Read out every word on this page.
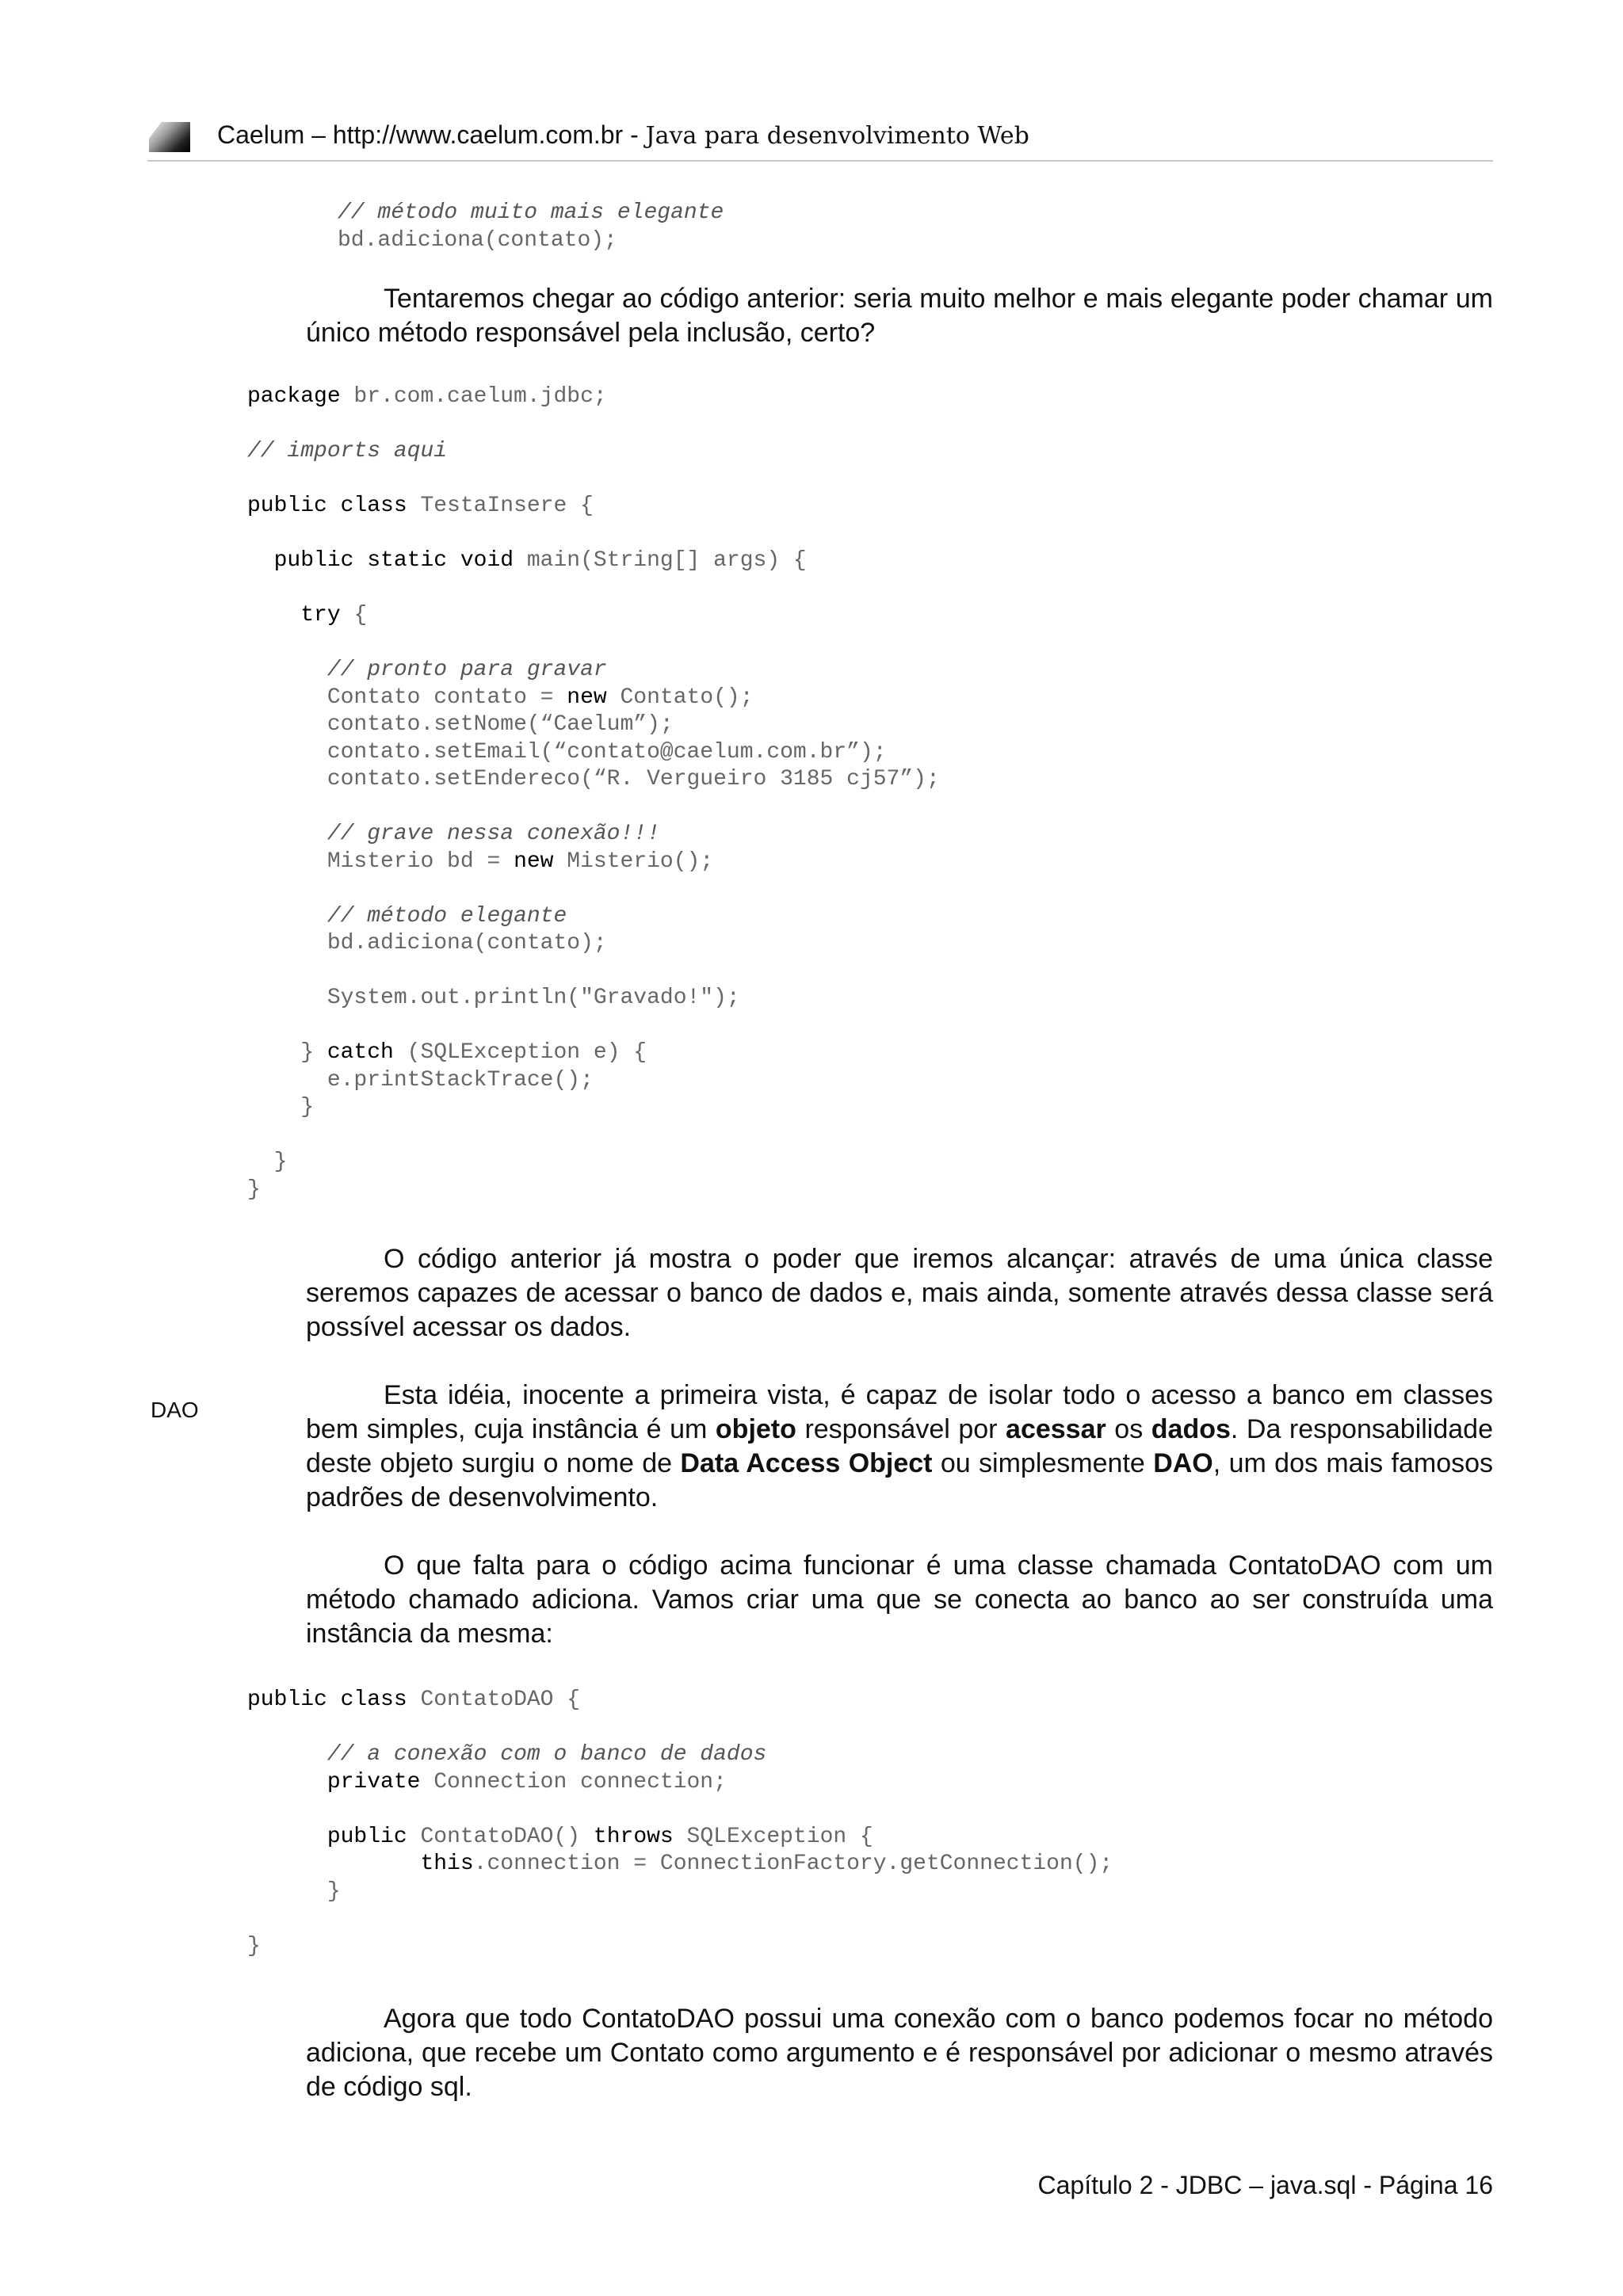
Caelum – http://www.caelum.com.br - Java para desenvolvimento Web
// método muito mais elegante
bd.adiciona(contato);

Tentaremos chegar ao código anterior: seria muito melhor e mais elegante poder chamar um único método responsável pela inclusão, certo?

package br.com.caelum.jdbc;

// imports aqui

public class TestaInsere {

public static void main(String[] args) {

try {

// pronto para gravar
Contato contato = new Contato();
contato.setNome(“Caelum”);
contato.setEmail(“contato@caelum.com.br”);
contato.setEndereco(“R. Vergueiro 3185 cj57”);

// grave nessa conexão!!!
Misterio bd = new Misterio();

// método elegante
bd.adiciona(contato);

System.out.println("Gravado!");

} catch (SQLException e) {
e.printStackTrace();
}

}
}

O código anterior já mostra o poder que iremos alcançar: através de uma única classe seremos capazes de acessar o banco de dados e, mais ainda, somente através dessa classe será possível acessar os dados.

DAO	Esta idéia, inocente a primeira vista, é capaz de isolar todo o acesso a banco em classes bem simples, cuja instância é um objeto responsável por acessar os dados. Da responsabilidade deste objeto surgiu o nome de Data Access Object ou simplesmente DAO, um dos mais famosos padrões de desenvolvimento.

O que falta para o código acima funcionar é uma classe chamada ContatoDAO com um método chamado adiciona. Vamos criar uma que se conecta ao banco ao ser construída uma instância da mesma:

public class ContatoDAO {

// a conexão com o banco de dados
private Connection connection;

public ContatoDAO() throws SQLException {
this.connection = ConnectionFactory.getConnection();
}

}

Agora que todo ContatoDAO possui uma conexão com o banco podemos focar no método adiciona, que recebe um Contato como argumento e é responsável por adicionar o mesmo através de código sql.

Capítulo 2 - JDBC – java.sql - Página 16
